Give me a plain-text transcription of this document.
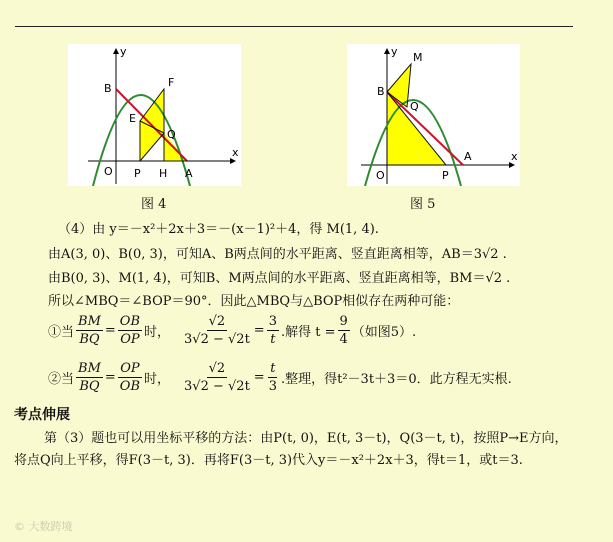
y
x
O
B	F
E
Q
P H A
y
x
O
B
M
Q
P
A
图 4	图 5
（4）由 y＝－x²＋2x＋3＝－(x－1)²＋4，得 M(1, 4).
由A(3, 0)、B(0, 3)，可知A、B两点间的水平距离、竖直距离相等，AB＝3√2 .
由B(0, 3)、M(1, 4)，可知B、M两点间的水平距离、竖直距离相等，BM＝√2 .
所以∠MBQ＝∠BOP＝90°．因此△MBQ与△BOP相似存在两种可能：
①当 $\frac{BM}{BQ} = \frac{OB}{OP}$ 时， $\frac{√2}{3√2 - √2t} = \frac{3}{t}$ .解得 $t = \frac{9}{4}$ （如图5）.
②当 $\frac{BM}{BQ} = \frac{OP}{OB}$ 时， $\frac{√2}{3√2 - √2t} = \frac{t}{3}$ .整理，得t²－3t＋3＝0．此方程无实根.
考点伸展
第（3）题也可以用坐标平移的方法：由P(t, 0)，E(t, 3－t)，Q(3－t, t)，按照P→E方向，
将点Q向上平移，得F(3－t, 3)．再将F(3－t, 3)代入y＝－x²＋2x＋3，得t＝1，或t＝3.
© 大数跨境
